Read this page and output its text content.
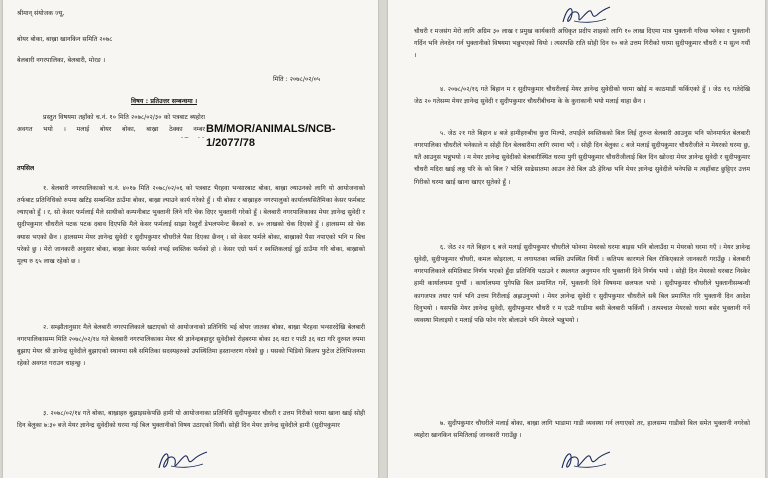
श्रीमान् संयोजक ज्यू,
बोयर बोका, बाख्रा खानकिन समिति २०७८
बेलबारी नगरपालिका, बेलबारी, मोरङ ।
मिति : २०७८/०२/०५
विषय : प्रतिउत्तर सम्बन्धमा ।

प्रस्तुत विषयमा तहाँको च.नं. १० मिति २०७८/०२/३० को पत्रबाट ब्यहोरा अवगत भयो । मलाई बोयर बोका, बाख्रा ठेक्का नम्बर BM/MOR/ANIMALS/NCB-1/2077/78
तपसिल

१. बेलबारी नगरपालिकाको च.नं. ४०१७ मिति २०७८/०२/०६ को पत्रबाट भैरहवा भन्सारबाट बोका, बाख्रा ल्याउनको लागि यो आयोजनाको तर्फबाट प्रतिनिधिको रुपमा खटिइ सम्बन्धित ठाउँमा बोका, बाख्रा ल्याउने कार्य गरेको हुँ । यी बोका र बाख्राहरु नगरपालुको कार्यालयसितैमिका केसर फर्मबाट ल्याएको हुँ । र, सो केसर फर्मलाई मैले साथीको कम्पनीबाट भुक्तानी लिने गरि चेक दिएर भुक्तानी गरेको हुँ । बेलबारी नगरपालिकाका मेयर ज्ञानेन्द्र सुवेदी र सुदीपकुमार चौधरीले पटक पटक दबाव दिएपछि मैले केसर फर्मलाई साझा रेस्तुराँ डेभलपमेन्ट बैंकको रु. ४० लाखको चेक दिएको हुँ । हालसम्म सो चेक क्यास भएको छैन । हालसम्म मेयर ज्ञानेन्द्र सुवेदी र सुदीपकुमार चौधरीले पैसा दिएका छैनन् । सो केसर फर्मले बोका, बाख्राको पैसा नपाएको भनि म बिच परेको छु । मेरो जानकारी अनुसार बोका, बाख्रा केसर फर्मको नभई स्वस्तिक फर्मको हो । केसर एग्रो फर्म र स्वस्तिकलाई दुई ठाउँमा गरि बोका, बाख्राको मूल्य रु ६५ लाख रहेको छ ।

२. सम्झौतानुसार मैले बेलबारी नगरपालिकाले खटाएको यो आयोजनाको प्रतिनिधि भई बोयर जातका बोका, बाख्रा भैरहवा भन्सारदेखि बेलबारी नगरपालिकासम्म मिति २०७८/०२/१४ गते बेलबारी नगरपालिकाका मेयर श्री ज्ञानेन्द्रबहादुर सुवेदीको रोहबरमा बोका ३६ वटा र पाठी ३६ वटा गरि दुरुस्त रुपमा बुझाए मेयर श्री ज्ञानेन्द्र सुवेदीले बुझाएको स्थानमा सबै समितिका सदस्यहरुको उपस्थितिमा हस्तान्तरण गरेको छु । यसको भिडियो किलप फुटेज टेलिभिजनमा रहेको अवगत गराउन चाहन्छु ।

३. २०७८/०२/१४ गते बोका, बाख्राहरु बुझाइसकेपछि हामी यो आयोजनाका प्रतिनिधि सुदीपकुमार चौधरी र उत्तम गिरीको घरमा खाना खाई सोही दिन बेलुका ७:३० बजे मेयर ज्ञानेन्द्र सुवेदीको घरमा गई बिल भुक्तानीको विषय उठाएको थियौं। सोही दिन मेयर ज्ञानेन्द्र सुवेदीले हामी (सुदीपकुमार

चौधरी र मजसंग मेरो लागि अग्रिम ३० लाख र प्रमुख कार्यकारी अधिकृत प्रदीप शाहको लागि १० लाख दिएमा मात्र भुक्तानी गरिन्छ भनेका र भुक्तानी गर्दिन भनि लेनदेन गर्न भुक्तानीको विषयमा भन्नुभएको थियो । त्यसपछि राति सोही दिन १० बजे उत्तम गिरीको घरमा सुदीपकुमार चौधरी र म सुत्न गयौं ।

४. २०७८/०२/१६ गते बिहान म र सुदीपकुमार चौधरीलाई मेयर ज्ञानेन्द्र सुवेदीको घरमा खोई म काठमाडौं फर्किएको हुँ । जेठ १६ गतेदेखि जेठ २० गतेसम्म मेयर ज्ञानेन्द्र सुवेदी र सुदीपकुमार चौधरीबीचमा के के कुराकानी भयो मलाई थाहा छैन ।

५. जेठ २१ गते बिहान ४ बजे हामीहरुबीच कुरा मिल्यो, तपाईंले स्वस्तिकको बिल लिई तुरुन्त बेलबारी आउनुस भनि फोनमार्फत बेलबारी नगरपालिका चौधरीले भनेकाले म सोही दिन बेलबारीमा लागि रमाना भएँ । सोही दिन बेलुका ८ बजे मलाई सुदीपकुमार चौधरीजीले म मेयरको घरमा छु, यतै आउनुस भन्नुभयो । म मेयर ज्ञानेन्द्र सुवेदीको बेलबारीस्थित घरमा पुगी सुदीपकुमार चौधरीजीलाई बिल दिन खोज्दा मेयर ज्ञानेन्द्र सुवेदी र सुदीपकुमार चौधरी मदिरा खाई लठ्ठ परि के को बिल ? भोलि साढेसातमा आउन तेरो बिल उठै हेरिन्छ भनि मेयर ज्ञानेन्द्र सुवेदीले भनेपछि म त्यहाँबाट छुट्टिएर उत्तम गिरीको घरमा खाई खाना खाएर सुतेको हुँ ।

६. जेठ २२ गते बिहान ६ बजे मलाई सुदीपकुमार चौधरीले फोनमा मेयरको घरमा बाइस भनि बोलाउँदा म मेयरको घरमा गएँ । मेयर ज्ञानेन्द्र सुवेदी, सुदीपकुमार चौधरी, कमल कोइराला, म लगायतका व्यक्ति उपस्थित थियौं । कतिपय कारणले बिल रोकिएकाले जानकारी गराउँछु । बेलबारी नगरपालिकाले समितिबाट निर्णय भएको हुँदा प्रतिनिधि पठाउने र स्थलगत अनुगमन गरि भुक्तानी दिने निर्णय भयो । सोही दिन मेयरको घरबाट निस्केर हामी कार्यालयमा पुग्यौं । कार्यालयमा पुगेपछि बिल प्रमाणित गर्ने, भुक्तानी दिने विषयमा छलफल भयो । सुदीपकुमार चौधरीले भुक्तानीसम्बन्धी कागजपत्र तयार पार्न भनि उत्तम गिरीलाई अह्राउनुभयो । मेयर ज्ञानेन्द्र सुवेदी र सुदीपकुमार चौधरीले सबै बिल प्रमाणित गरि भुक्तानी दिन आदेश दिनुभयो । यसपछि मेयर ज्ञानेन्द्र सुवेदी, सुदीपकुमार चौधरी र म एउटै गाडीमा बसी बेलबारी फर्कियौं । तत्पश्चात मेयरको घरमा बसेर भुक्तानी गर्ने व्यवस्था मिलाइयो र मलाई पछि फोन गरेर बोलाउने भनि मेयरले भन्नुभयो ।

७. सुदीपकुमार चौधरीले मलाई बोका, बाख्रा लागि भाडामा गाडी व्यवस्था गर्न लगाएको तर, हालसम्म गाडीको बिल समेत भुक्तानी नगरेको व्यहोरा खानकिन समितिलाई जानकारी गराउँछु ।
